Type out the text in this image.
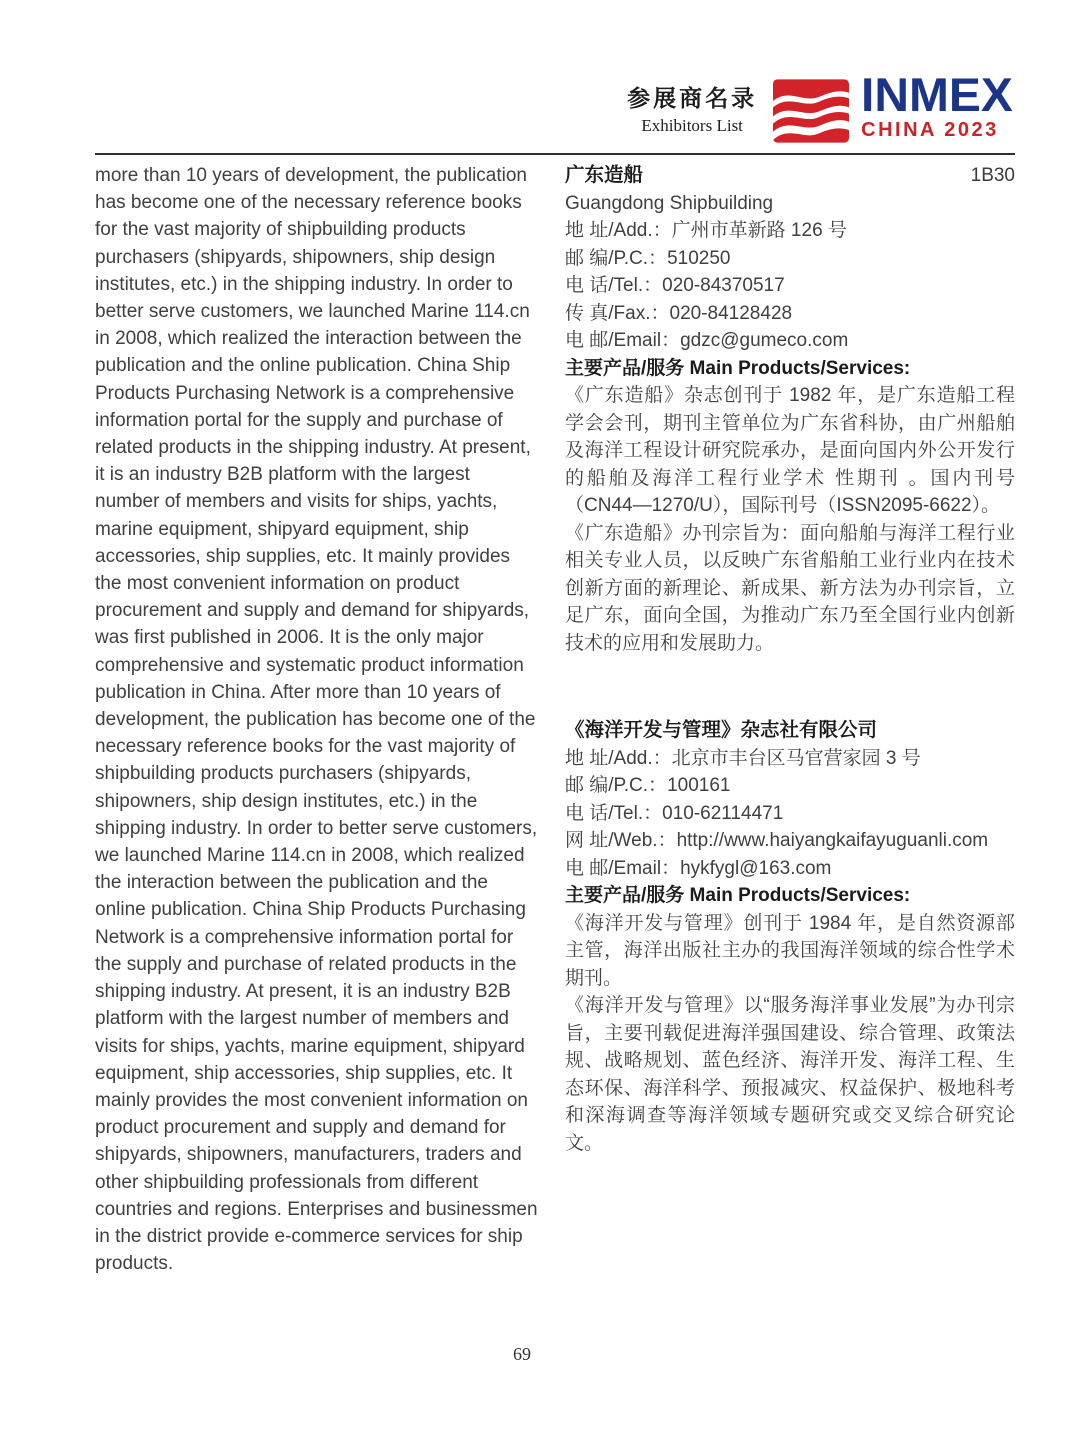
参展商名录
Exhibitors List
INMEX
CHINA 2023
more than 10 years of development, the publication has become one of the necessary reference books for the vast majority of shipbuilding products purchasers (shipyards, shipowners, ship design institutes, etc.) in the shipping industry. In order to better serve customers, we launched Marine 114.cn in 2008, which realized the interaction between the publication and the online publication. China Ship Products Purchasing Network is a comprehensive information portal for the supply and purchase of related products in the shipping industry. At present, it is an industry B2B platform with the largest number of members and visits for ships, yachts, marine equipment, shipyard equipment, ship accessories, ship supplies, etc. It mainly provides the most convenient information on product procurement and supply and demand for shipyards,   was first published in 2006. It is the only major comprehensive and systematic product information publication in China. After more than 10 years of development, the publication has become one of the necessary reference books for the vast majority of shipbuilding products purchasers (shipyards, shipowners, ship design institutes, etc.) in the shipping industry. In order to better serve customers, we launched Marine 114.cn in 2008, which realized the interaction between the publication and the online publication. China Ship Products Purchasing Network is a comprehensive information portal for the supply and purchase of related products in the shipping industry. At present, it is an industry B2B platform with the largest number of members and visits for ships, yachts, marine equipment, shipyard equipment, ship accessories, ship supplies, etc. It mainly provides the most convenient information on product procurement and supply and demand for shipyards, shipowners, manufacturers, traders and other shipbuilding professionals from different countries and regions. Enterprises and businessmen in the district provide e-commerce services for ship products.
广东造船	1B30
Guangdong Shipbuilding
地 址/Add.：广州市革新路 126 号
邮 编/P.C.：510250
电 话/Tel.：020-84370517
传 真/Fax.：020-84128428
电 邮/Email：gdzc@gumeco.com
主要产品/服务 Main Products/Services:

《广东造船》杂志创刊于 1982 年，是广东造船工程学会会刊，期刊主管单位为广东省科协，由广州船舶及海洋工程设计研究院承办，是面向国内外公开发行的船舶及海洋工程行业学术 性期刊 。国内刊号（CN44—1270/U），国际刊号（ISSN2095-6622）。

《广东造船》办刊宗旨为：面向船舶与海洋工程行业相关专业人员，以反映广东省船舶工业行业内在技术创新方面的新理论、新成果、新方法为办刊宗旨，立足广东，面向全国，为推动广东乃至全国行业内创新技术的应用和发展助力。

《海洋开发与管理》杂志社有限公司
地 址/Add.：北京市丰台区马官营家园 3 号
邮 编/P.C.：100161
电 话/Tel.：010-62114471
网 址/Web.：http://www.haiyangkaifayuguanli.com
电 邮/Email：hykfygl@163.com
主要产品/服务 Main Products/Services:

《海洋开发与管理》创刊于 1984 年，是自然资源部主管，海洋出版社主办的我国海洋领域的综合性学术期刊。

《海洋开发与管理》以“服务海洋事业发展”为办刊宗旨，主要刊载促进海洋强国建设、综合管理、政策法规、战略规划、蓝色经济、海洋开发、海洋工程、生态环保、海洋科学、预报减灾、权益保护、极地科考和深海调查等海洋领域专题研究或交叉综合研究论文。

69
